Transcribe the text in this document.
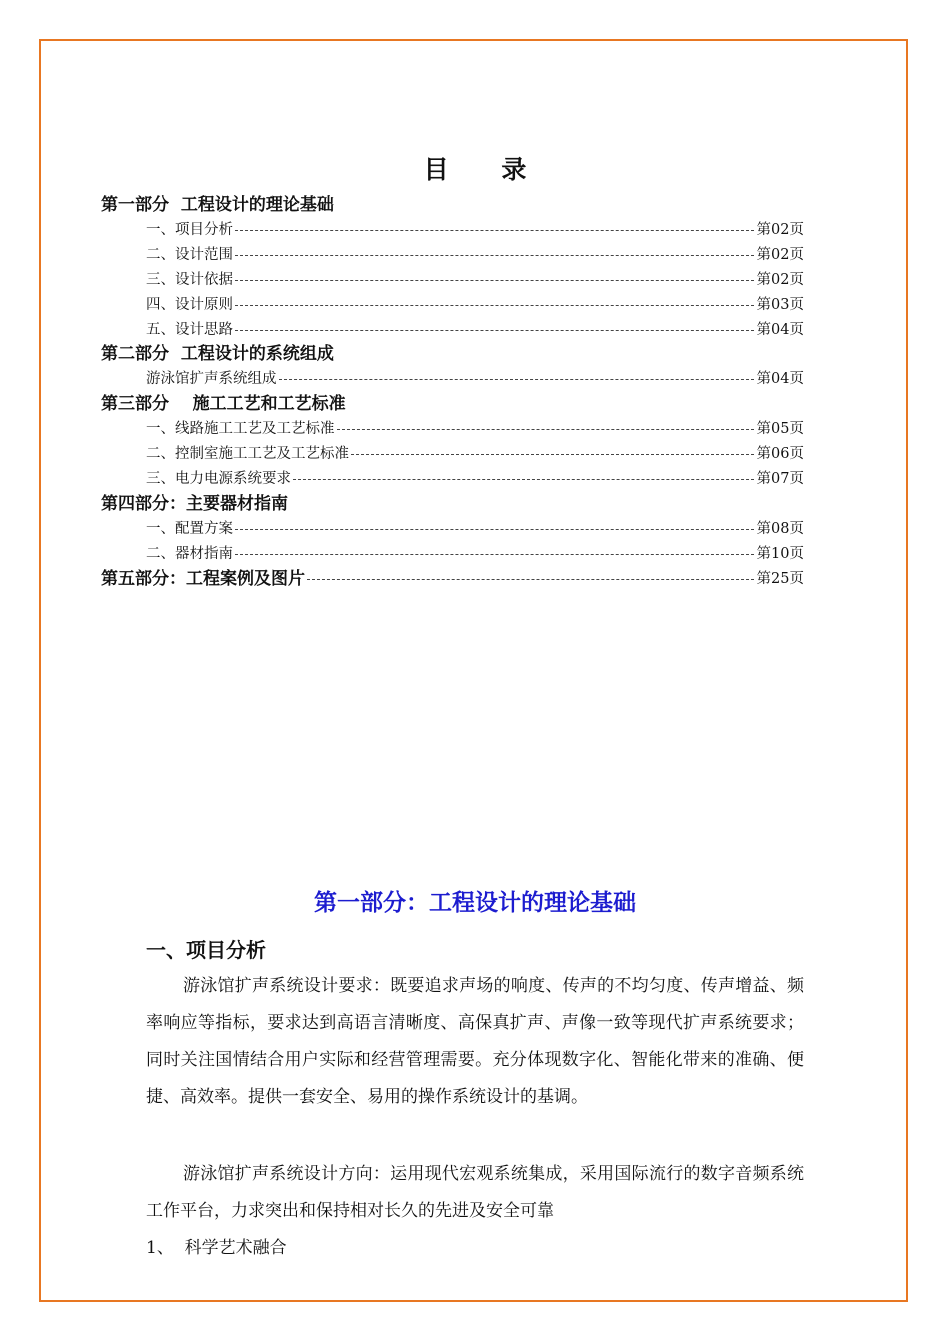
目 录
第一部分  工程设计的理论基础
一、项目分析	第02页
二、设计范围	第02页
三、设计依据	第02页
四、设计原则	第03页
五、设计思路	第04页
第二部分  工程设计的系统组成
游泳馆扩声系统组成	第04页
第三部分    施工工艺和工艺标准
一、线路施工工艺及工艺标准	第05页
二、控制室施工工艺及工艺标准	第06页
三、电力电源系统要求	第07页
第四部分：主要器材指南
一、配置方案	第08页
二、器材指南	第10页
第五部分：工程案例及图片	第25页
第一部分：工程设计的理论基础
一、项目分析
游泳馆扩声系统设计要求：既要追求声场的响度、传声的不均匀度、传声增益、频率响应等指标，要求达到高语言清晰度、高保真扩声、声像一致等现代扩声系统要求；同时关注国情结合用户实际和经营管理需要。充分体现数字化、智能化带来的准确、便捷、高效率。提供一套安全、易用的操作系统设计的基调。
游泳馆扩声系统设计方向：运用现代宏观系统集成，采用国际流行的数字音频系统工作平台，力求突出和保持相对长久的先进及安全可靠
1、  科学艺术融合
